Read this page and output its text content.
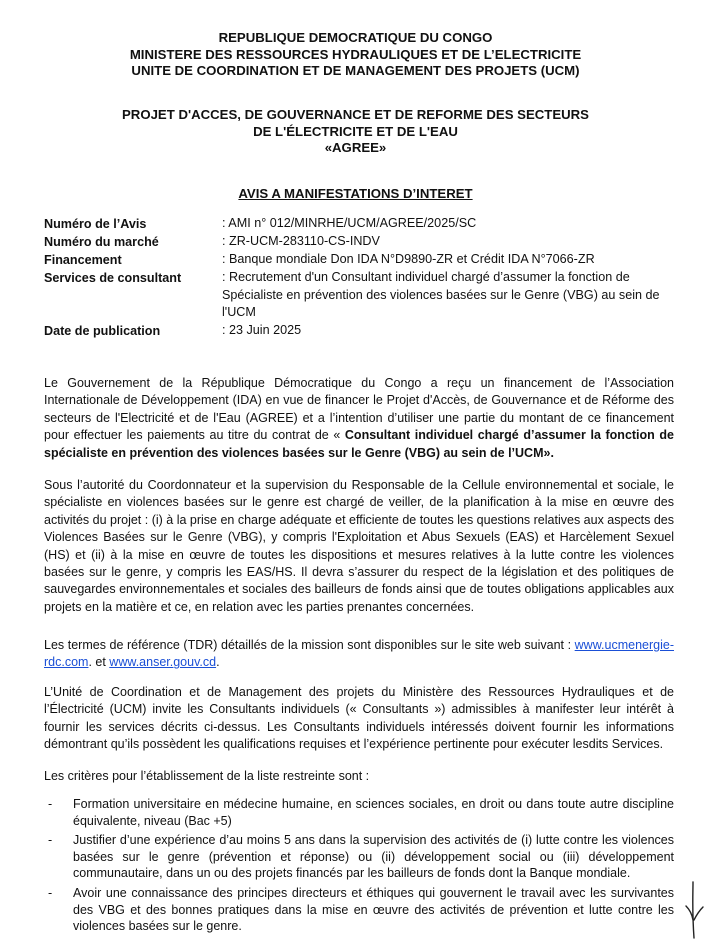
REPUBLIQUE DEMOCRATIQUE DU CONGO
MINISTERE DES RESSOURCES HYDRAULIQUES ET DE L’ELECTRICITE
UNITE DE COORDINATION ET DE MANAGEMENT DES PROJETS (UCM)
PROJET D'ACCES, DE GOUVERNANCE ET DE REFORME DES SECTEURS
DE L'ÉLECTRICITE ET DE L'EAU
«AGREE»
AVIS A MANIFESTATIONS D’INTERET
Numéro de l’Avis	: AMI n° 012/MINRHE/UCM/AGREE/2025/SC
Numéro du marché	: ZR-UCM-283110-CS-INDV
Financement	: Banque mondiale Don IDA N°D9890-ZR et Crédit IDA N°7066-ZR
Services de consultant	: Recrutement d'un Consultant individuel chargé d’assumer la fonction de Spécialiste en prévention des violences basées sur le Genre (VBG) au sein de l'UCM
Date de publication	: 23 Juin 2025

Le Gouvernement de la République Démocratique du Congo a reçu un financement de l’Association Internationale de Développement (IDA) en vue de financer le Projet d'Accès, de Gouvernance et de Réforme des secteurs de l'Electricité et de l'Eau (AGREE) et a l’intention d’utiliser une partie du montant de ce financement pour effectuer les paiements au titre du contrat de « Consultant individuel chargé d’assumer la fonction de spécialiste en prévention des violences basées sur le Genre (VBG) au sein de l’UCM».

Sous l’autorité du Coordonnateur et la supervision du Responsable de la Cellule environnemental et sociale, le spécialiste en violences basées sur le genre est chargé de veiller, de la planification à la mise en œuvre des activités du projet : (i) à la prise en charge adéquate et efficiente de toutes les questions relatives aux aspects des Violences Basées sur le Genre (VBG), y compris l'Exploitation et Abus Sexuels (EAS) et Harcèlement Sexuel (HS) et (ii) à la mise en œuvre de toutes les dispositions et mesures relatives à la lutte contre les violences basées sur le genre, y compris les EAS/HS. Il devra s’assurer du respect de la législation et des politiques de sauvegardes environnementales et sociales des bailleurs de fonds ainsi que de toutes obligations applicables aux projets en la matière et ce, en relation avec les parties prenantes concernées.

Les termes de référence (TDR) détaillés de la mission sont disponibles sur le site web suivant : www.ucmenergie-rdc.com. et www.anser.gouv.cd.

L’Unité de Coordination et de Management des projets du Ministère des Ressources Hydrauliques et de l’Électricité (UCM) invite les Consultants individuels (« Consultants ») admissibles à manifester leur intérêt à fournir les services décrits ci-dessus. Les Consultants individuels intéressés doivent fournir les informations démontrant qu’ils possèdent les qualifications requises et l’expérience pertinente pour exécuter lesdits Services.
Les critères pour l’établissement de la liste restreinte sont :
-	Formation universitaire en médecine humaine, en sciences sociales, en droit ou dans toute autre discipline équivalente, niveau (Bac +5)
-	Justifier d’une expérience d’au moins 5 ans dans la supervision des activités de (i) lutte contre les violences basées sur le genre (prévention et réponse) ou (ii) développement social ou (iii) développement communautaire, dans un ou des projets financés par les bailleurs de fonds dont la Banque mondiale.
-	Avoir une connaissance des principes directeurs et éthiques qui gouvernent le travail avec les survivantes des VBG et des bonnes pratiques dans la mise en œuvre des activités de prévention et lutte contre les violences basées sur le genre.
